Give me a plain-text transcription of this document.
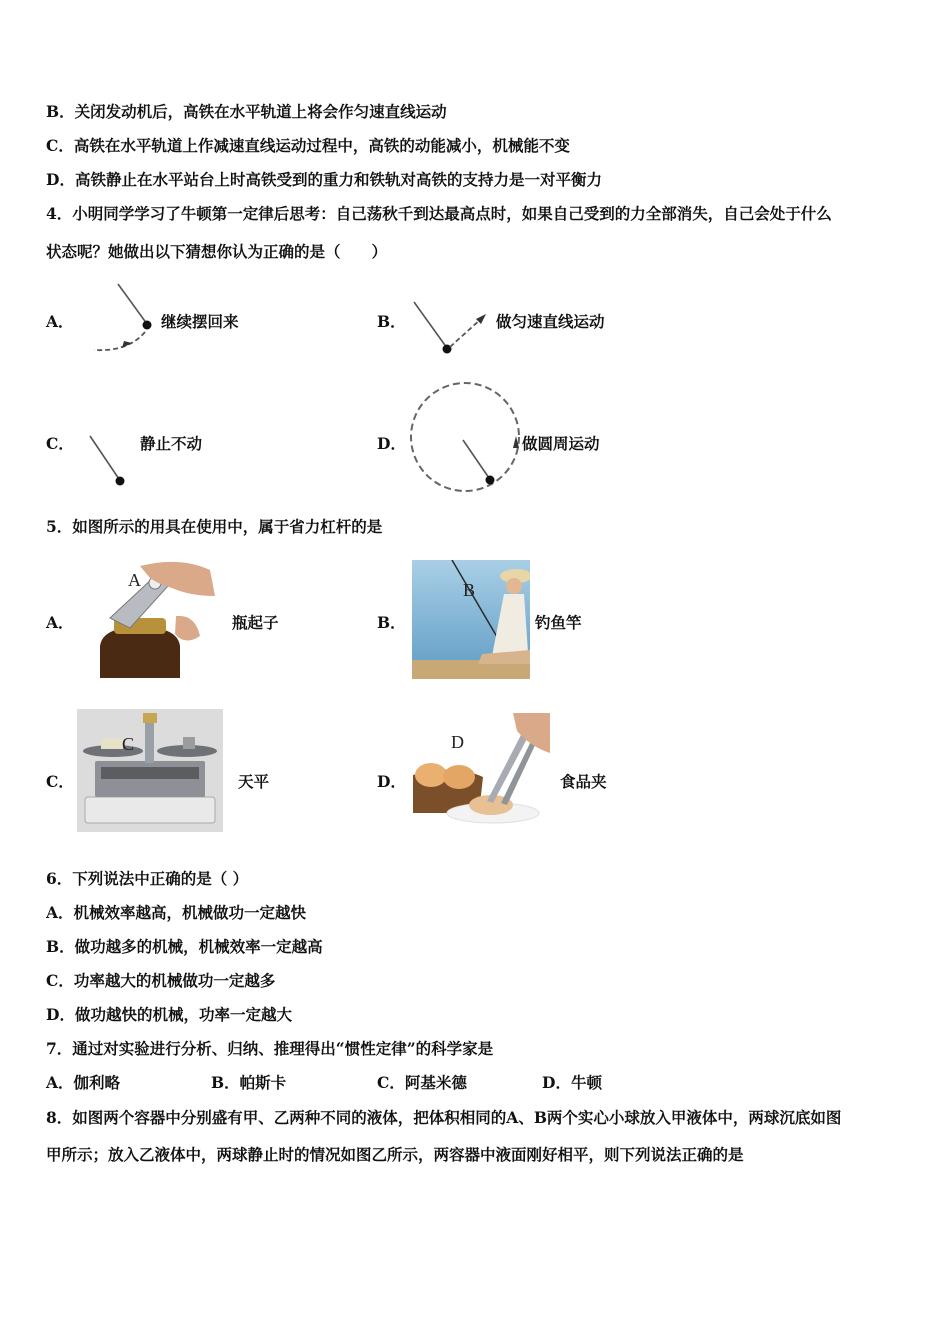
B．关闭发动机后，高铁在水平轨道上将会作匀速直线运动
C．高铁在水平轨道上作减速直线运动过程中，高铁的动能减小，机械能不变
D．高铁静止在水平站台上时高铁受到的重力和铁轨对高铁的支持力是一对平衡力
4．小明同学学习了牛顿第一定律后思考：自己荡秋千到达最高点时，如果自己受到的力全部消失，自己会处于什么
状态呢？她做出以下猜想你认为正确的是（　　）
A．	继续摆回来	B．	做匀速直线运动
C．	静止不动	D．	做圆周运动
5．如图所示的用具在使用中，属于省力杠杆的是
A．
A
瓶起子	B．
B
钓鱼竿
C．
C
天平	D．
D
食品夹
6．下列说法中正确的是（ ）
A．机械效率越高，机械做功一定越快
B．做功越多的机械，机械效率一定越高
C．功率越大的机械做功一定越多
D．做功越快的机械，功率一定越大
7．通过对实验进行分析、归纳、推理得出“惯性定律”的科学家是
A．伽利略	B．帕斯卡	C．阿基米德	D．牛顿
8．如图两个容器中分别盛有甲、乙两种不同的液体，把体积相同的A、B两个实心小球放入甲液体中，两球沉底如图
甲所示；放入乙液体中，两球静止时的情况如图乙所示，两容器中液面刚好相平，则下列说法正确的是
